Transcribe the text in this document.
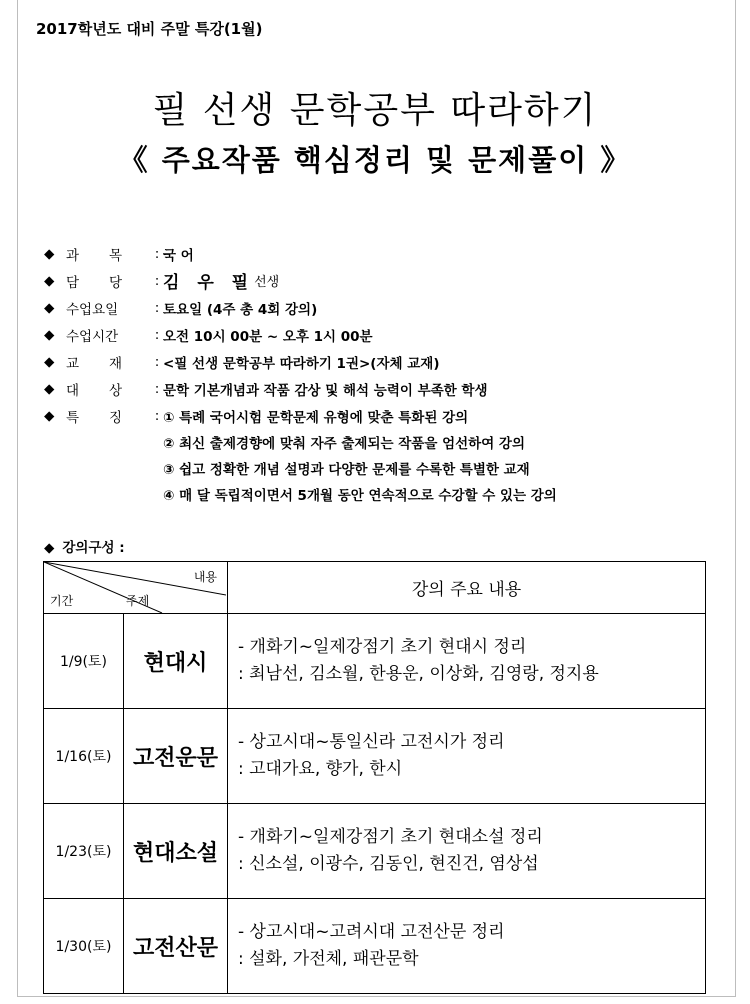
2017학년도 대비 주말 특강(1월)
필 선생 문학공부 따라하기
《 주요작품 핵심정리 및 문제풀이 》
◆ 과목 : 국 어
◆ 담당 : 김 우 필 선생
◆ 수업요일	: 토요일 (4주 총 4회 강의)
◆ 수업시간	: 오전 10시 00분 ~ 오후 1시 00분
◆ 교재 : <필 선생 문학공부 따라하기 1권>(자체 교재)
◆ 대상 : 문학 기본개념과 작품 감상 및 해석 능력이 부족한 학생
◆ 특징 : ① 특례 국어시험 문학문제 유형에 맞춘 특화된 강의
② 최신 출제경향에 맞춰 자주 출제되는 작품을 엄선하여 강의
③ 쉽고 정확한 개념 설명과 다양한 문제를 수록한 특별한 교재
④ 매 달 독립적이면서 5개월 동안 연속적으로 수강할 수 있는 강의
◆ 강의구성 :
내용
주제
기간		강의 주요 내용
1/9(토)	현대시	- 개화기~일제강점기 초기 현대시 정리
: 최남선, 김소월, 한용운, 이상화, 김영랑, 정지용

1/16(토)	고전운문	- 상고시대~통일신라 고전시가 정리
: 고대가요, 향가, 한시

1/23(토)	현대소설	- 개화기~일제강점기 초기 현대소설 정리
: 신소설, 이광수, 김동인, 현진건, 염상섭

1/30(토)	고전산문	- 상고시대~고려시대 고전산문 정리
: 설화, 가전체, 패관문학
